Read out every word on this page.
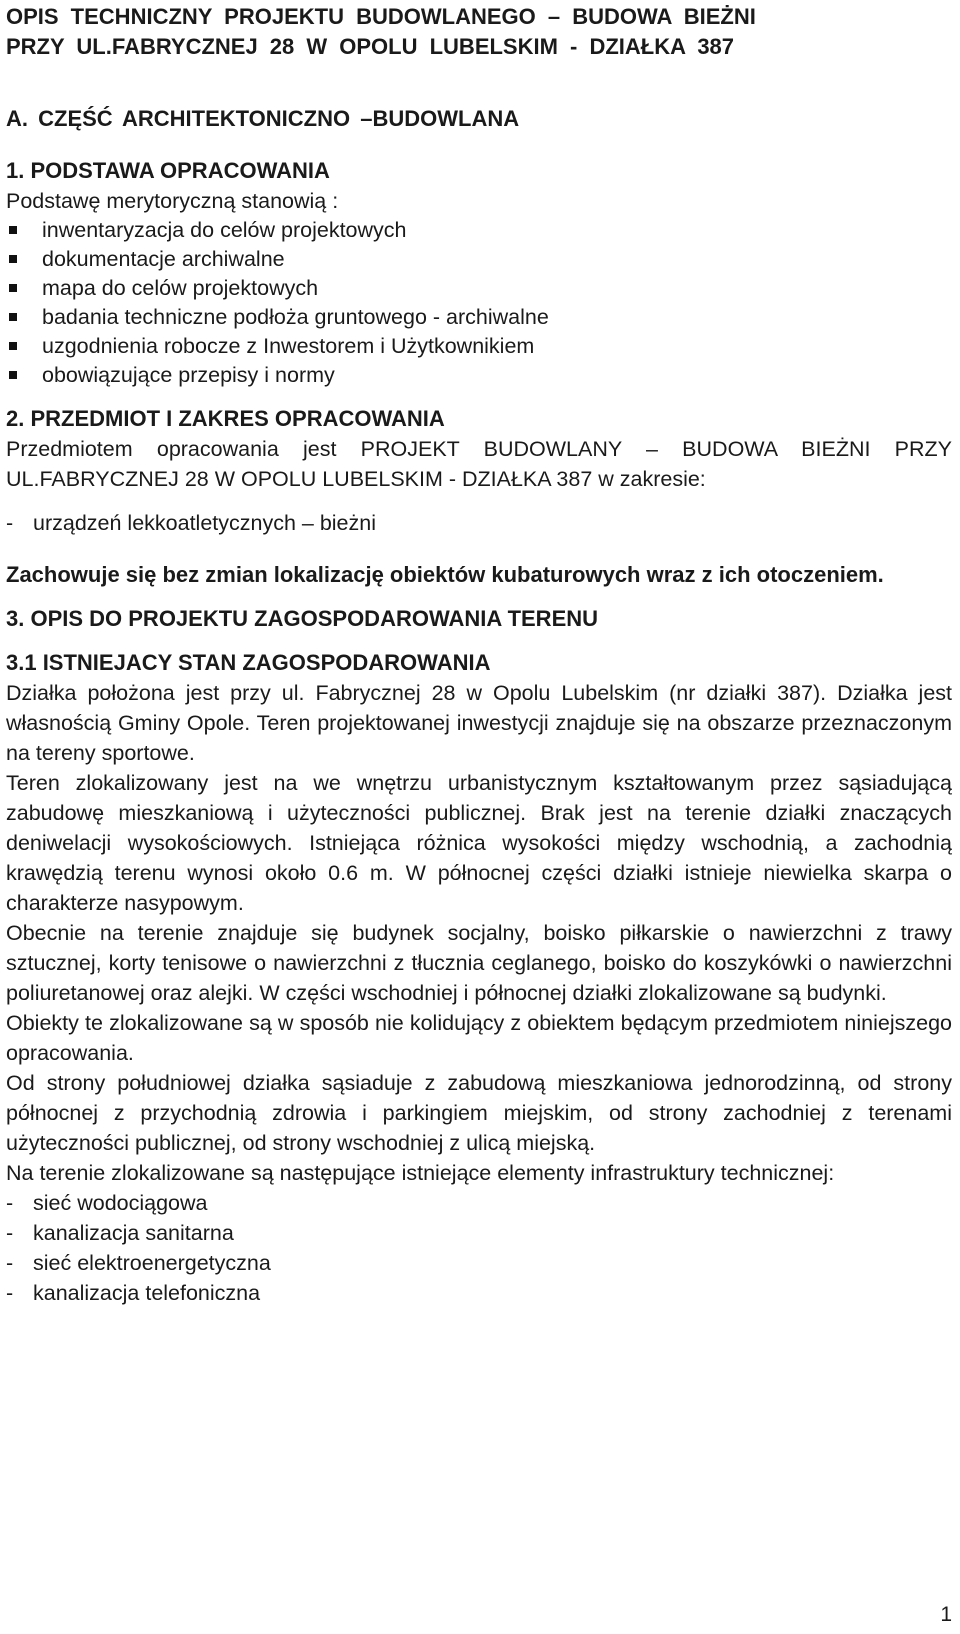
OPIS TECHNICZNY PROJEKTU BUDOWLANEGO – BUDOWA BIEŻNI

PRZY UL.FABRYCZNEJ 28 W OPOLU LUBELSKIM - DZIAŁKA 387

A. CZĘŚĆ ARCHITEKTONICZNO –BUDOWLANA

1. PODSTAWA OPRACOWANIA

Podstawę merytoryczną stanowią :

inwentaryzacja do celów projektowych
dokumentacje archiwalne
mapa do celów projektowych
badania techniczne podłoża gruntowego - archiwalne
uzgodnienia robocze z Inwestorem i Użytkownikiem
obowiązujące przepisy i normy

2. PRZEDMIOT I ZAKRES OPRACOWANIA

Przedmiotem opracowania jest PROJEKT BUDOWLANY – BUDOWA BIEŻNI PRZY UL.FABRYCZNEJ 28 W OPOLU LUBELSKIM - DZIAŁKA 387 w zakresie:

- urządzeń lekkoatletycznych – bieżni

Zachowuje się bez zmian lokalizację obiektów kubaturowych wraz z ich otoczeniem.

3. OPIS DO PROJEKTU ZAGOSPODAROWANIA TERENU

3.1 ISTNIEJACY STAN ZAGOSPODAROWANIA

Działka położona jest przy ul. Fabrycznej 28 w Opolu Lubelskim (nr działki 387). Działka jest własnością Gminy Opole. Teren projektowanej inwestycji znajduje się na obszarze przeznaczonym na tereny sportowe.

Teren zlokalizowany jest na we wnętrzu urbanistycznym kształtowanym przez sąsiadującą zabudowę mieszkaniową i użyteczności publicznej. Brak jest na terenie działki znaczących deniwelacji wysokościowych. Istniejąca różnica wysokości między wschodnią, a zachodnią krawędzią terenu wynosi około 0.6 m. W północnej części działki istnieje niewielka skarpa o charakterze nasypowym.

Obecnie na terenie znajduje się budynek socjalny, boisko piłkarskie o nawierzchni z trawy sztucznej, korty tenisowe o nawierzchni z tłucznia ceglanego, boisko do koszykówki o nawierzchni poliuretanowej oraz alejki. W części wschodniej i północnej działki zlokalizowane są budynki.

Obiekty te zlokalizowane są w sposób nie kolidujący z obiektem będącym przedmiotem niniejszego opracowania.

Od strony południowej działka sąsiaduje z zabudową mieszkaniowa jednorodzinną, od strony północnej z przychodnią zdrowia i parkingiem miejskim, od strony zachodniej z terenami użyteczności publicznej, od strony wschodniej z ulicą miejską.

Na terenie zlokalizowane są następujące istniejące elementy infrastruktury technicznej:

- sieć wodociągowa
- kanalizacja sanitarna
- sieć elektroenergetyczna
- kanalizacja telefoniczna
1
